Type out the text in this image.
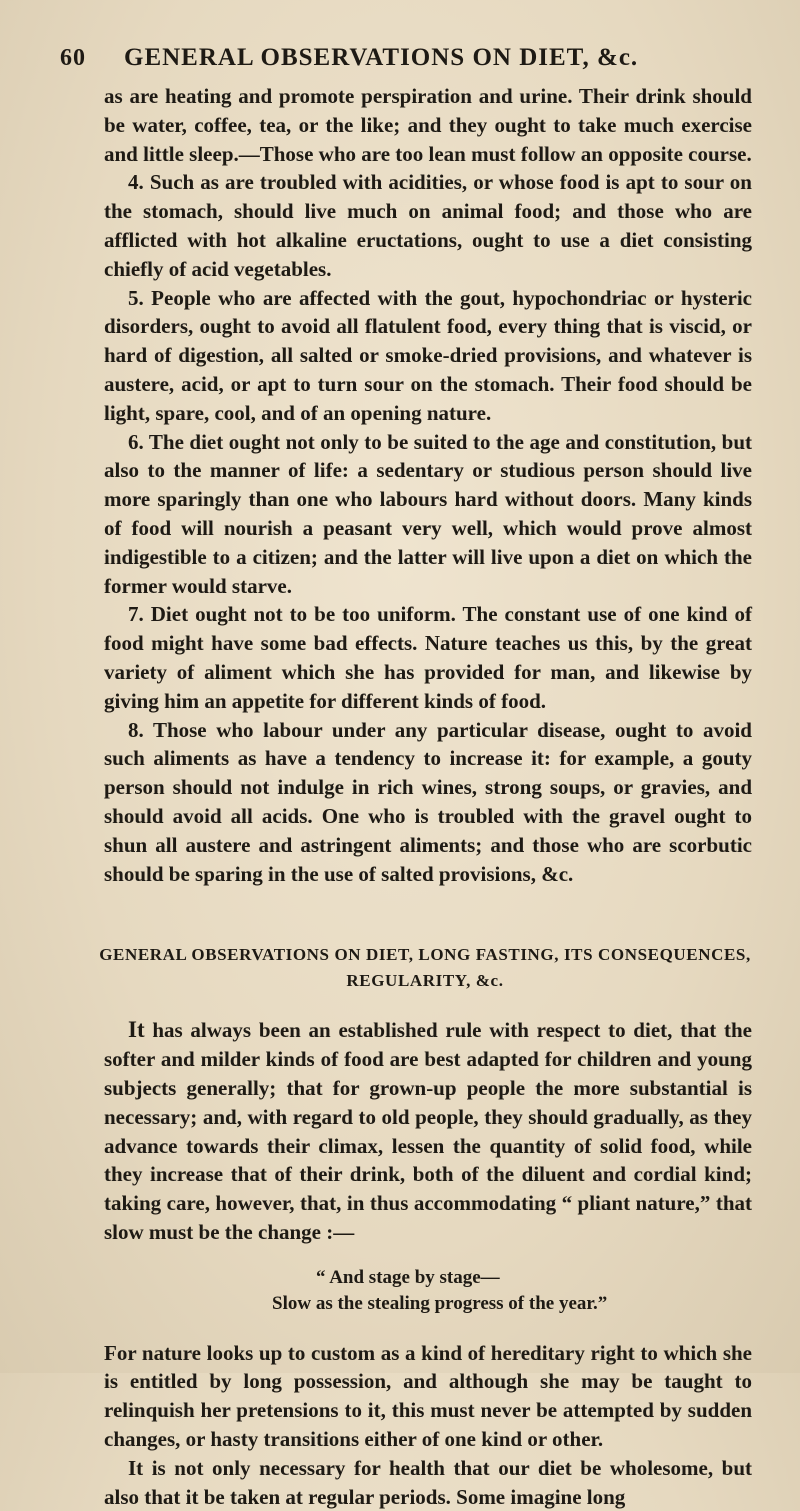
60 GENERAL OBSERVATIONS ON DIET, &c.

as are heating and promote perspiration and urine. Their drink should be water, coffee, tea, or the like; and they ought to take much exercise and little sleep.—Those who are too lean must follow an opposite course.

4. Such as are troubled with acidities, or whose food is apt to sour on the stomach, should live much on animal food; and those who are afflicted with hot alkaline eructations, ought to use a diet consisting chiefly of acid vegetables.

5. People who are affected with the gout, hypochondriac or hysteric disorders, ought to avoid all flatulent food, every thing that is viscid, or hard of digestion, all salted or smoke-dried provisions, and whatever is austere, acid, or apt to turn sour on the stomach. Their food should be light, spare, cool, and of an opening nature.

6. The diet ought not only to be suited to the age and constitution, but also to the manner of life: a sedentary or studious person should live more sparingly than one who labours hard without doors. Many kinds of food will nourish a peasant very well, which would prove almost indigestible to a citizen; and the latter will live upon a diet on which the former would starve.

7. Diet ought not to be too uniform. The constant use of one kind of food might have some bad effects. Nature teaches us this, by the great variety of aliment which she has provided for man, and likewise by giving him an appetite for different kinds of food.

8. Those who labour under any particular disease, ought to avoid such aliments as have a tendency to increase it: for example, a gouty person should not indulge in rich wines, strong soups, or gravies, and should avoid all acids. One who is troubled with the gravel ought to shun all austere and astringent aliments; and those who are scorbutic should be sparing in the use of salted provisions, &c.

GENERAL OBSERVATIONS ON DIET, LONG FASTING, ITS CONSEQUENCES,
REGULARITY, &c.

It has always been an established rule with respect to diet, that the softer and milder kinds of food are best adapted for children and young subjects generally; that for grown-up people the more substantial is necessary; and, with regard to old people, they should gradually, as they advance towards their climax, lessen the quantity of solid food, while they increase that of their drink, both of the diluent and cordial kind; taking care, however, that, in thus accommodating “ pliant nature,” that slow must be the change :—

“ And stage by stage—
Slow as the stealing progress of the year.”

For nature looks up to custom as a kind of hereditary right to which she is entitled by long possession, and although she may be taught to relinquish her pretensions to it, this must never be attempted by sudden changes, or hasty transitions either of one kind or other.

It is not only necessary for health that our diet be wholesome, but also that it be taken at regular periods. Some imagine long
